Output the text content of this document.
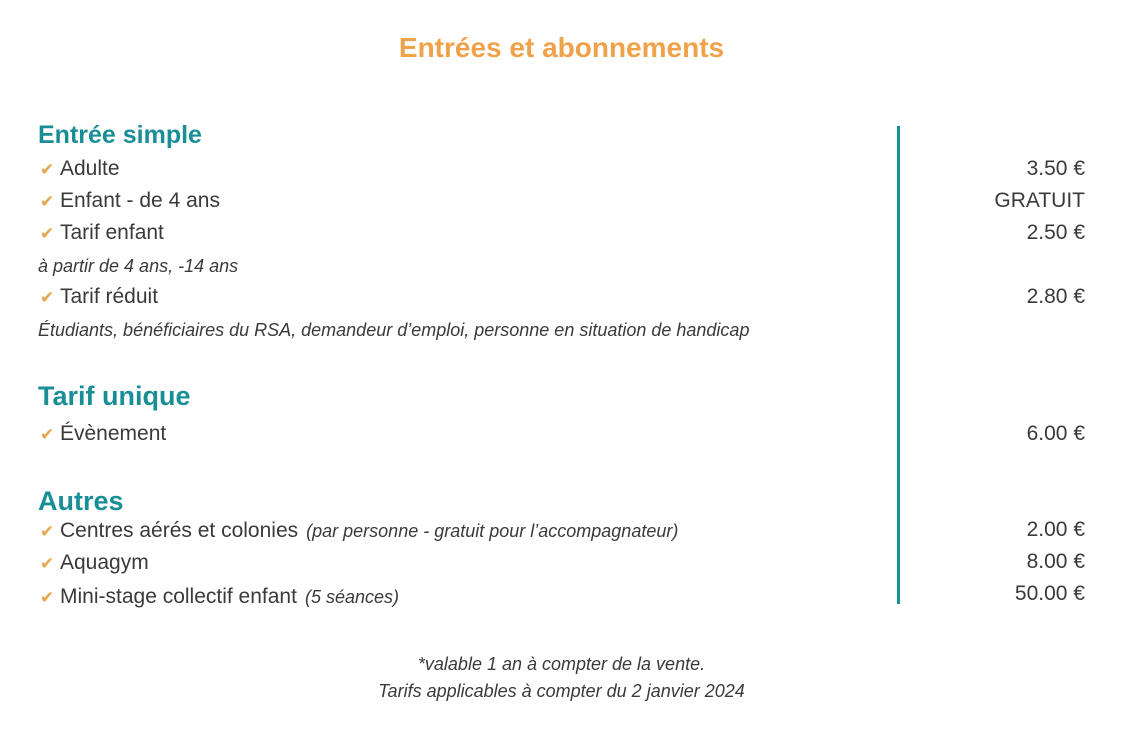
Entrées et abonnements
Entrée simple
✔ Adulte	3.50 €
✔ Enfant - de 4 ans	GRATUIT
✔ Tarif enfant	2.50 €
à partir de 4 ans, -14 ans
✔ Tarif réduit	2.80 €
Étudiants, bénéficiaires du RSA, demandeur d’emploi, personne en situation de handicap
Tarif unique
✔ Évènement	6.00 €
Autres
✔ Centres aérés et colonies (par personne - gratuit pour l’accompagnateur)	2.00 €
✔ Aquagym	8.00 €
✔ Mini-stage collectif enfant (5 séances)	50.00 €
*valable 1 an à compter de la vente.
Tarifs applicables à compter du 2 janvier 2024
